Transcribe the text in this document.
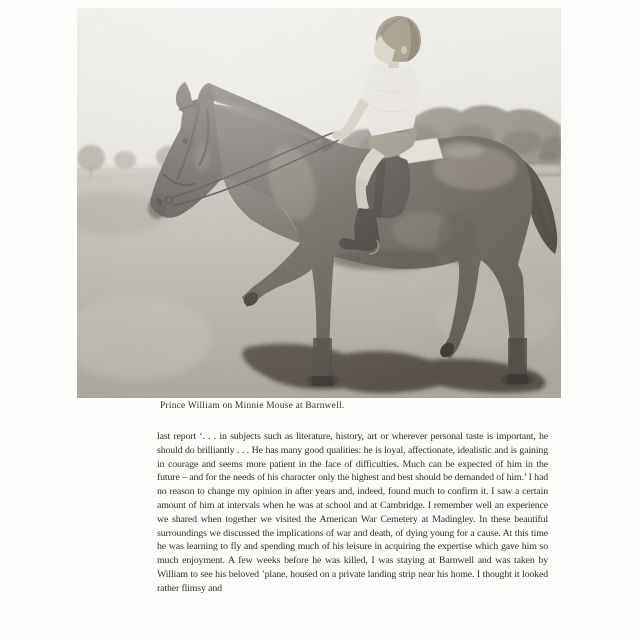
Prince William on Minnie Mouse at Barnwell.
last report ‘. . . in subjects such as literature, history, art or wherever personal taste is important, he should do brilliantly . . . He has many good qualities: he is loyal, affectionate, idealistic and is gaining in courage and seems more patient in the face of difficulties. Much can be expected of him in the future – and for the needs of his character only the highest and best should be demanded of him.’ I had no reason to change my opinion in after years and, indeed, found much to confirm it. I saw a certain amount of him at intervals when he was at school and at Cambridge. I remember well an experience we shared when together we visited the American War Cemetery at Madingley. In these beautiful surroundings we discussed the implications of war and death, of dying young for a cause. At this time he was learning to fly and spending much of his leisure in acquiring the expertise which gave him so much enjoyment. A few weeks before he was killed, I was staying at Barnwell and was taken by William to see his beloved ’plane, housed on a private landing strip near his home. I thought it looked rather flimsy and
